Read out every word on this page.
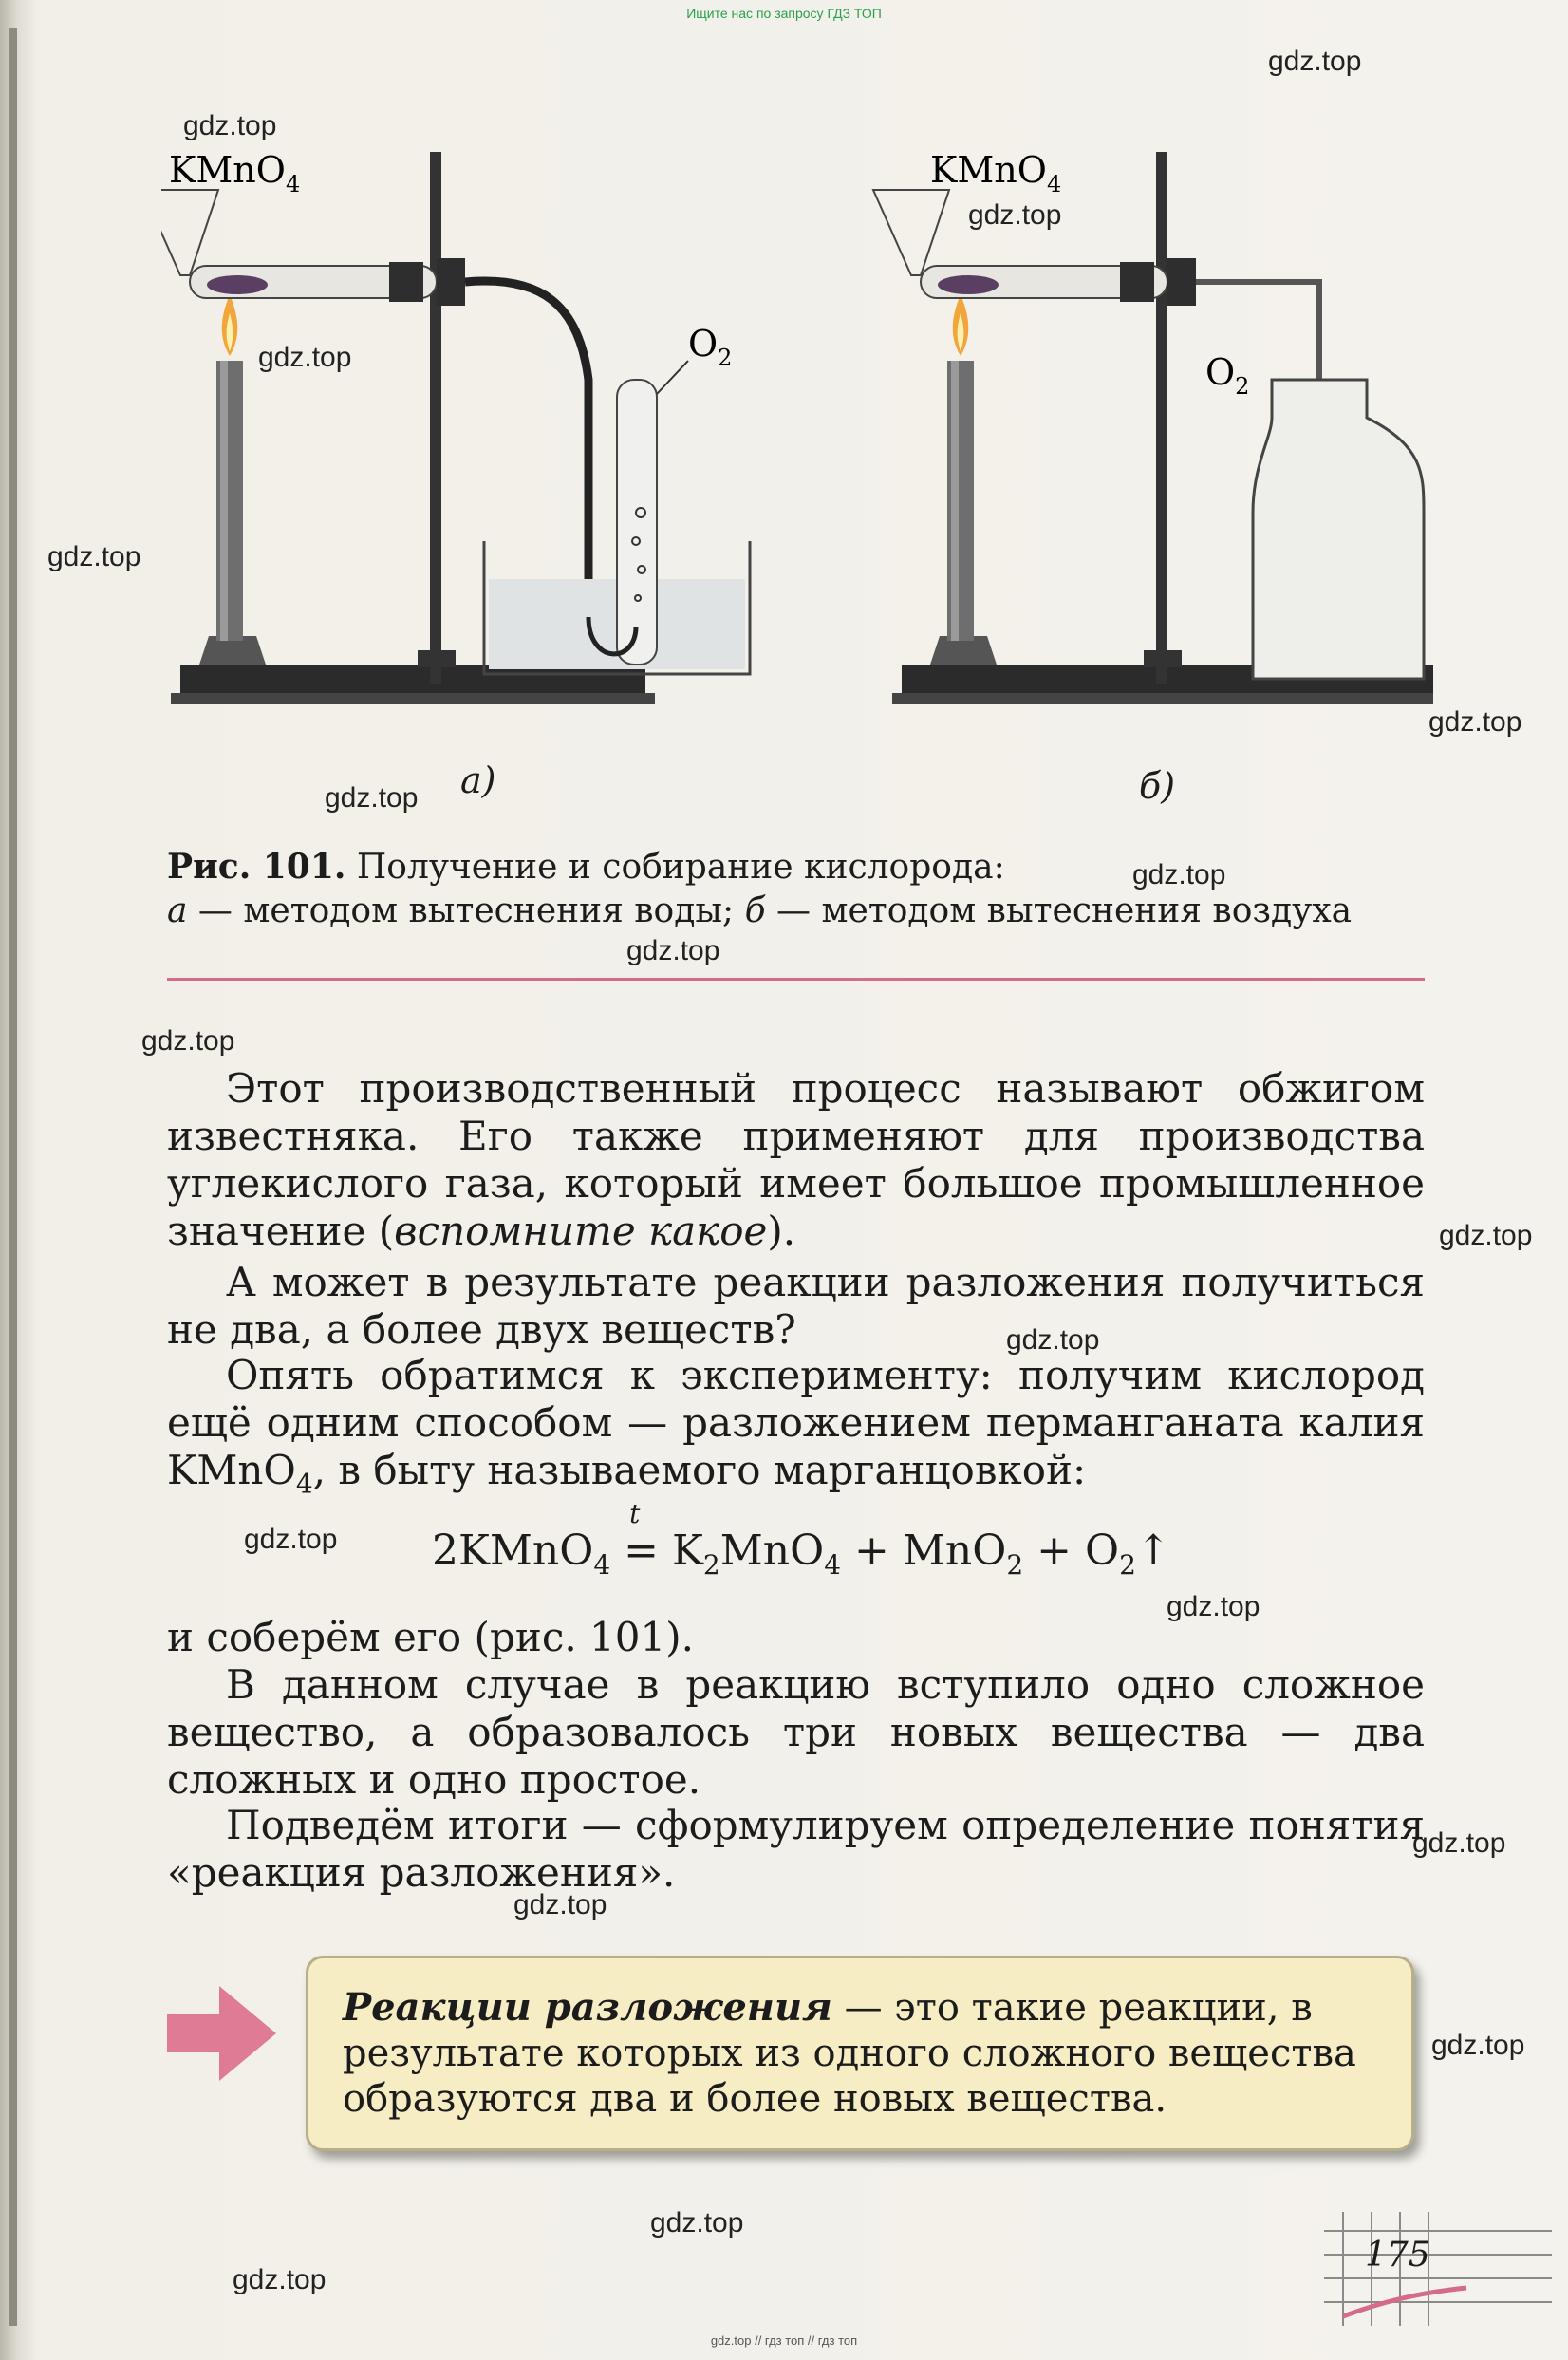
Ищите нас по запросу ГДЗ ТОП
gdz.top
gdz.top
gdz.top
gdz.top
gdz.top
gdz.top
gdz.top
gdz.top
gdz.top
gdz.top
gdz.top
gdz.top
gdz.top
gdz.top
gdz.top
gdz.top
gdz.top
gdz.top
gdz.top
KMnO$_4$
$O_2$	$O_2$
KMnO$_4$
а)	б)
Рис. 101. Получение и собирание кислорода:
а — методом вытеснения воды; б — методом вытеснения воздуха
Этот производственный процесс называют обжигом известняка. Его также применяют для производства углекислого газа, который имеет большое промышленное значение (вспомните какое).
А может в результате реакции разложения получиться не два, а более двух веществ?
Опять обратимся к эксперименту: получим кислород ещё одним способом — разложением перманганата калия KMnO$_4$, в быту называемого марганцовкой:
2KMnO$_4$
t
= $K_2MnO_4 + MnO_2$ + $O_2↑$
и соберём его (рис. 101).
В данном случае в реакцию вступило одно сложное вещество, а образовалось три новых вещества — два сложных и одно простое.
Подведём итоги — сформулируем определение понятия «реакция разложения».
Реакции разложения — это такие реакции, в результате которых из одного сложного вещества образуются два и более новых вещества.
175
gdz.top // гдз топ // гдз топ
